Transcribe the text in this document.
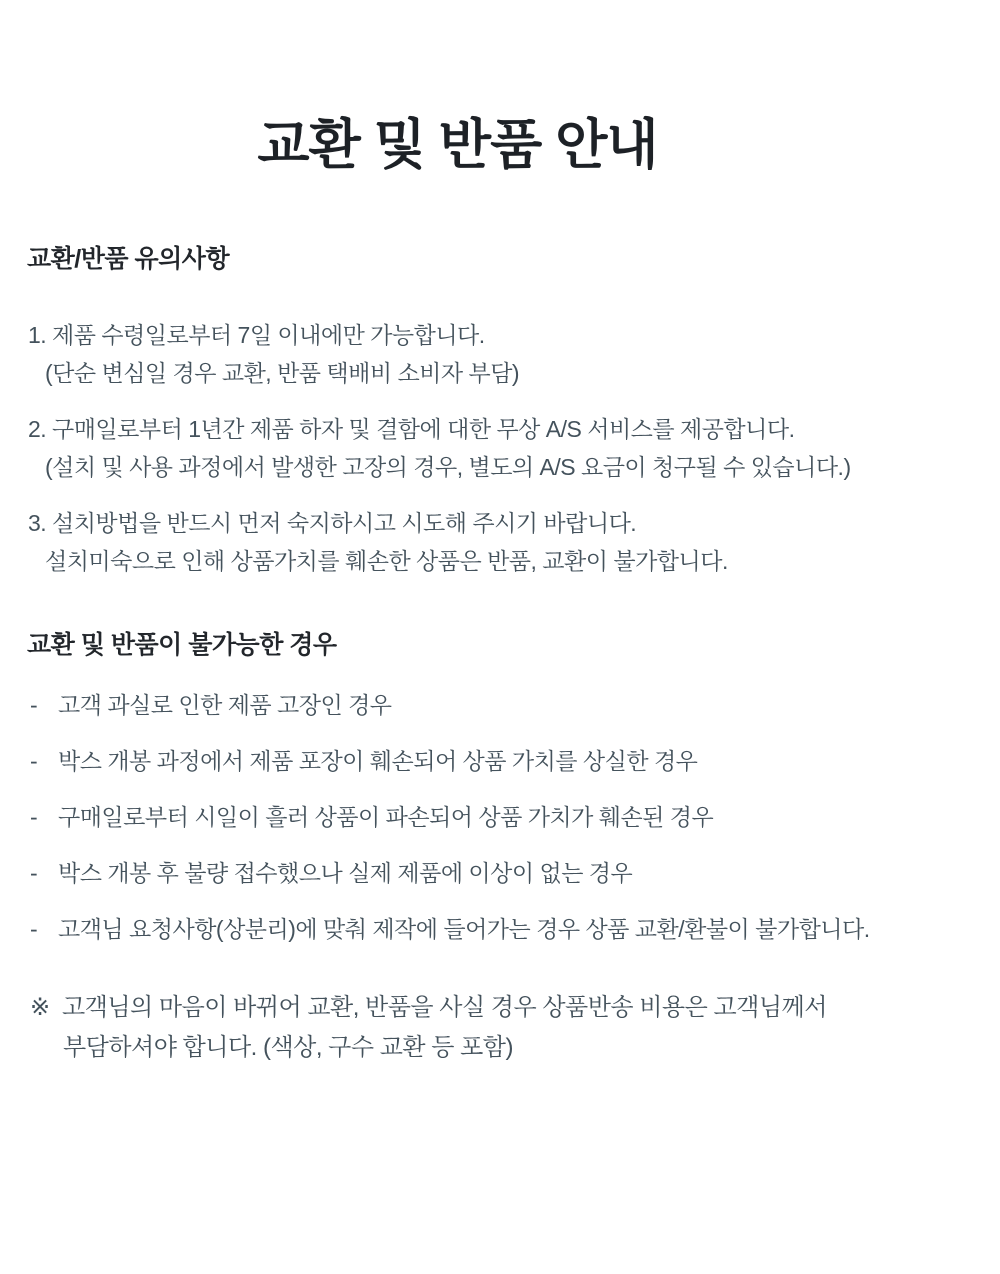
교환 및 반품 안내
교환/반품 유의사항
1. 제품 수령일로부터 7일 이내에만 가능합니다.
(단순 변심일 경우 교환, 반품 택배비 소비자 부담)
2. 구매일로부터 1년간 제품 하자 및 결함에 대한 무상 A/S 서비스를 제공합니다.
(설치 및 사용 과정에서 발생한 고장의 경우, 별도의 A/S 요금이 청구될 수 있습니다.)
3. 설치방법을 반드시 먼저 숙지하시고 시도해 주시기 바랍니다.
설치미숙으로 인해 상품가치를 훼손한 상품은 반품, 교환이 불가합니다.
교환 및 반품이 불가능한 경우
- 고객 과실로 인한 제품 고장인 경우
- 박스 개봉 과정에서 제품 포장이 훼손되어 상품 가치를 상실한 경우
- 구매일로부터 시일이 흘러 상품이 파손되어 상품 가치가 훼손된 경우
- 박스 개봉 후 불량 접수했으나 실제 제품에 이상이 없는 경우
- 고객님 요청사항(상분리)에 맞춰 제작에 들어가는 경우 상품 교환/환불이 불가합니다.
※ 고객님의 마음이 바뀌어 교환, 반품을 사실 경우 상품반송 비용은 고객님께서
부담하셔야 합니다. (색상, 구수 교환 등 포함)
